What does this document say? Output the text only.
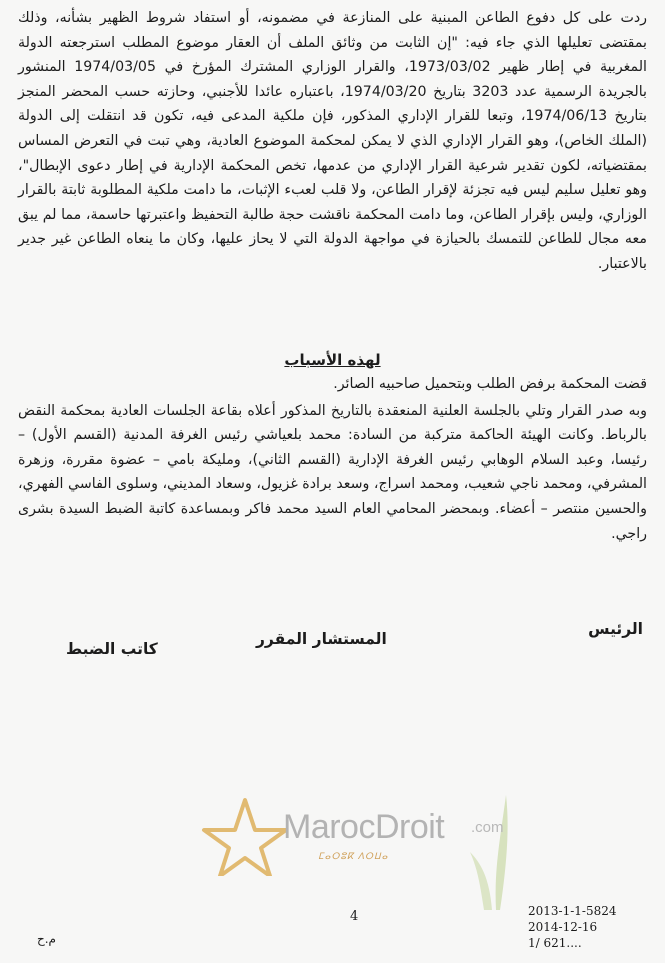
ردت على كل دفوع الطاعن المبنية على المنازعة في مضمونه، أو استفاد شروط الظهير بشأنه، وذلك بمقتضى تعليلها الذي جاء فيه: "إن الثابت من وثائق الملف أن العقار موضوع المطلب استرجعته الدولة المغربية في إطار ظهير 1973/03/02، والقرار الوزاري المشترك المؤرخ في 1974/03/05 المنشور بالجريدة الرسمية عدد 3203 بتاريخ 1974/03/20، باعتباره عائدا للأجنبي، وحازته حسب المحضر المنجز بتاريخ 1974/06/13، وتبعا للقرار الإداري المذكور، فإن ملكية المدعى فيه، تكون قد انتقلت إلى الدولة (الملك الخاص)، وهو القرار الإداري الذي لا يمكن لمحكمة الموضوع العادية، وهي تبت في التعرض المساس بمقتضياته، لكون تقدير شرعية القرار الإداري من عدمها، تخص المحكمة الإدارية في إطار دعوى الإبطال"، وهو تعليل سليم ليس فيه تجزئة لإقرار الطاعن، ولا قلب لعبء الإثبات، ما دامت ملكية المطلوبة ثابتة بالقرار الوزاري، وليس بإقرار الطاعن، وما دامت المحكمة ناقشت حجة طالبة التحفيظ واعتبرتها حاسمة، مما لم يبق معه مجال للطاعن للتمسك بالحيازة في مواجهة الدولة التي لا يحاز عليها، وكان ما ينعاه الطاعن غير جدير بالاعتبار.

لهذه الأسباب

قضت المحكمة برفض الطلب وبتحميل صاحبيه الصائر.

وبه صدر القرار وتلي بالجلسة العلنية المنعقدة بالتاريخ المذكور أعلاه بقاعة الجلسات العادية بمحكمة النقض بالرباط. وكانت الهيئة الحاكمة متركبة من السادة: محمد بلعياشي رئيس الغرفة المدنية (القسم الأول) – رئيسا، وعبد السلام الوهابي رئيس الغرفة الإدارية (القسم الثاني)، ومليكة بامي – عضوة مقررة، وزهرة المشرفي، ومحمد ناجي شعيب، ومحمد اسراج، وسعد برادة غزيول، وسعاد المديني، وسلوى الفاسي الفهري، والحسين منتصر – أعضاء. وبمحضر المحامي العام السيد محمد فاكر وبمساعدة كاتبة الضبط السيدة بشرى راجي.

الرئيس
المستشار المقرر
كاتب الضبط
MarocDroit .com
ⵎⴰⵔⵓⴽ ⴷⵔⵡⴰ
4	2013-1-1-5824
2014-12-16
1/ 621....
م.ح
